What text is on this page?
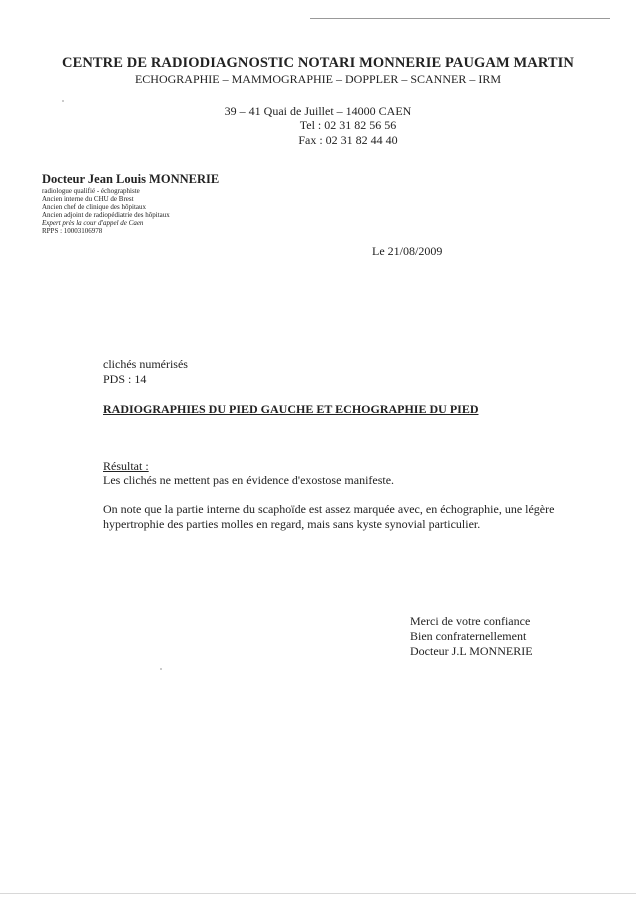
CENTRE DE RADIODIAGNOSTIC NOTARI MONNERIE PAUGAM MARTIN
ECHOGRAPHIE – MAMMOGRAPHIE – DOPPLER – SCANNER – IRM
39 – 41 Quai de Juillet – 14000 CAEN
Tel : 02 31 82 56 56
Fax : 02 31 82 44 40
Docteur Jean Louis MONNERIE
radiologue qualifié - échographiste
Ancien interne du CHU de Brest
Ancien chef de clinique des hôpitaux
Ancien adjoint de radiopédiatrie des hôpitaux
Expert près la cour d'appel de Caen
RPPS : 10003106978
Le 21/08/2009
clichés numérisés
PDS : 14
RADIOGRAPHIES DU PIED GAUCHE ET ECHOGRAPHIE DU PIED
Résultat :
Les clichés ne mettent pas en évidence d'exostose manifeste.
On note que la partie interne du scaphoïde est assez marquée avec, en échographie, une légère
hypertrophie des parties molles en regard, mais sans kyste synovial particulier.
Merci de votre confiance
Bien confraternellement
Docteur J.L MONNERIE
